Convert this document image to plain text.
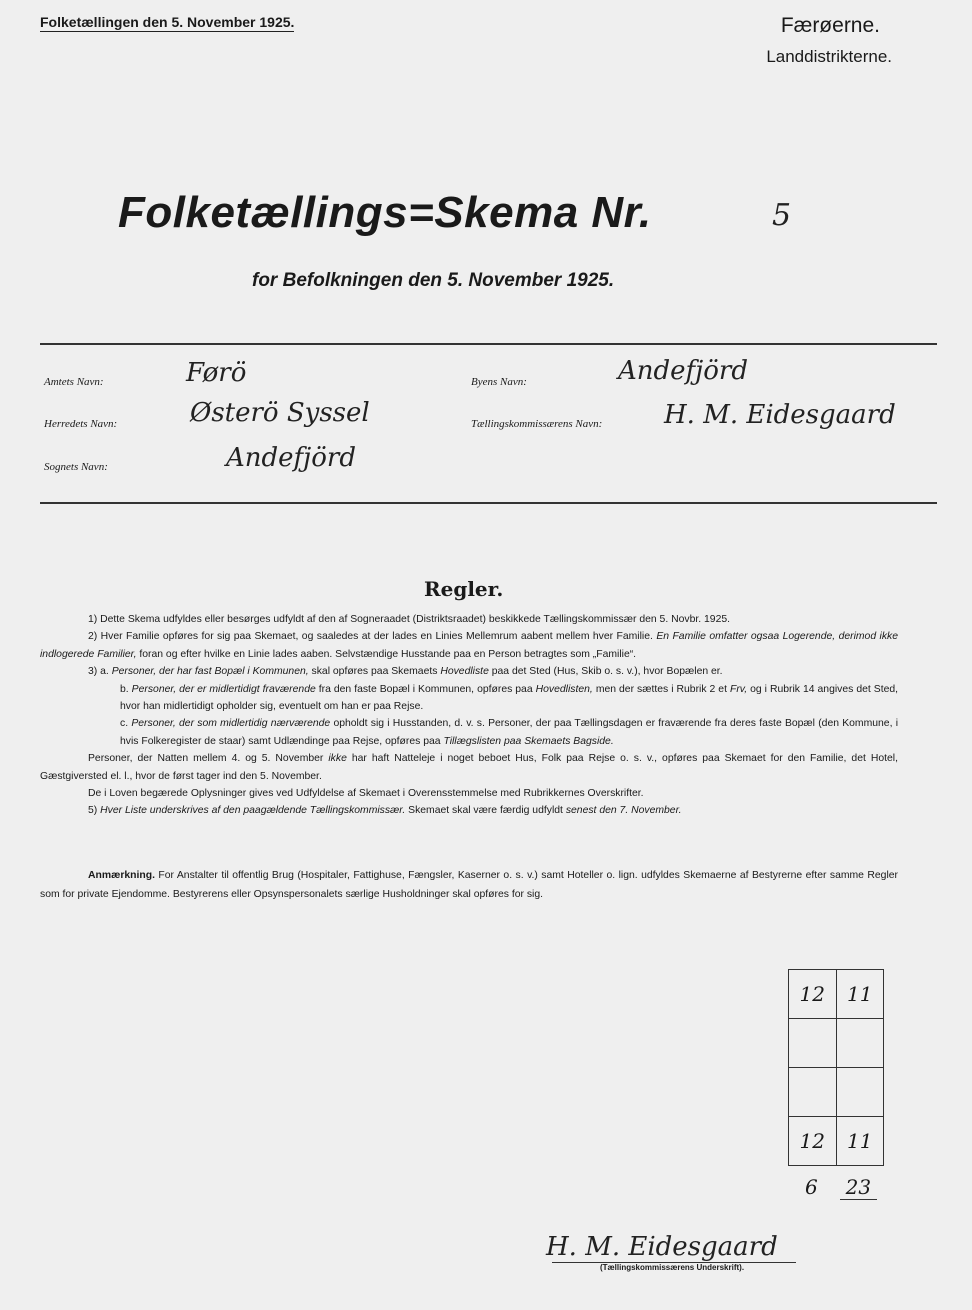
Folketællingen den 5. November 1925.	Færøerne.
Landdistrikterne.
Folketællings=Skema Nr.	5
for Befolkningen den 5. November 1925.
Amtets Navn:	Førö
Herredets Navn:	Østerö Syssel
Sognets Navn:	Andefjörd
Byens Navn:	Andefjörd
Tællingskommissærens Navn: H. M. Eidesgaard
Regler.

1) Dette Skema udfyldes eller besørges udfyldt af den af Sogneraadet (Distriktsraadet) beskikkede Tællingskommissær den 5. Novbr. 1925.

2) Hver Familie opføres for sig paa Skemaet, og saaledes at der lades en Linies Mellemrum aabent mellem hver Familie. En Familie omfatter ogsaa Logerende, derimod ikke indlogerede Familier, foran og efter hvilke en Linie lades aaben. Selvstændige Husstande paa en Person betragtes som „Familie“.

3) a. Personer, der har fast Bopæl i Kommunen, skal opføres paa Skemaets Hovedliste paa det Sted (Hus, Skib o. s. v.), hvor Bopælen er.

b. Personer, der er midlertidigt fraværende fra den faste Bopæl i Kommunen, opføres paa Hovedlisten, men der sættes i Rubrik 2 et Frv, og i Rubrik 14 angives det Sted, hvor han midlertidigt opholder sig, eventuelt om han er paa Rejse.

c. Personer, der som midlertidig nærværende opholdt sig i Husstanden, d. v. s. Personer, der paa Tællingsdagen er fraværende fra deres faste Bopæl (den Kommune, i hvis Folkeregister de staar) samt Udlændinge paa Rejse, opføres paa Tillægslisten paa Skemaets Bagside.

Personer, der Natten mellem 4. og 5. November ikke har haft Natteleje i noget beboet Hus, Folk paa Rejse o. s. v., opføres paa Skemaet for den Familie, det Hotel, Gæstgiversted el. l., hvor de først tager ind den 5. November.

De i Loven begærede Oplysninger gives ved Udfyldelse af Skemaet i Overensstemmelse med Rubrikkernes Overskrifter.

5) Hver Liste underskrives af den paagældende Tællingskommissær. Skemaet skal være færdig udfyldt senest den 7. November.

Anmærkning. For Anstalter til offentlig Brug (Hospitaler, Fattighuse, Fængsler, Kaserner o. s. v.) samt Hoteller o. lign. udfyldes Skemaerne af Bestyrerne efter samme Regler som for private Ejendomme. Bestyrerens eller Opsynspersonalets særlige Husholdninger skal opføres for sig.
12	11

12	11
6	23
H. M. Eidesgaard
(Tællingskommissærens Underskrift).
